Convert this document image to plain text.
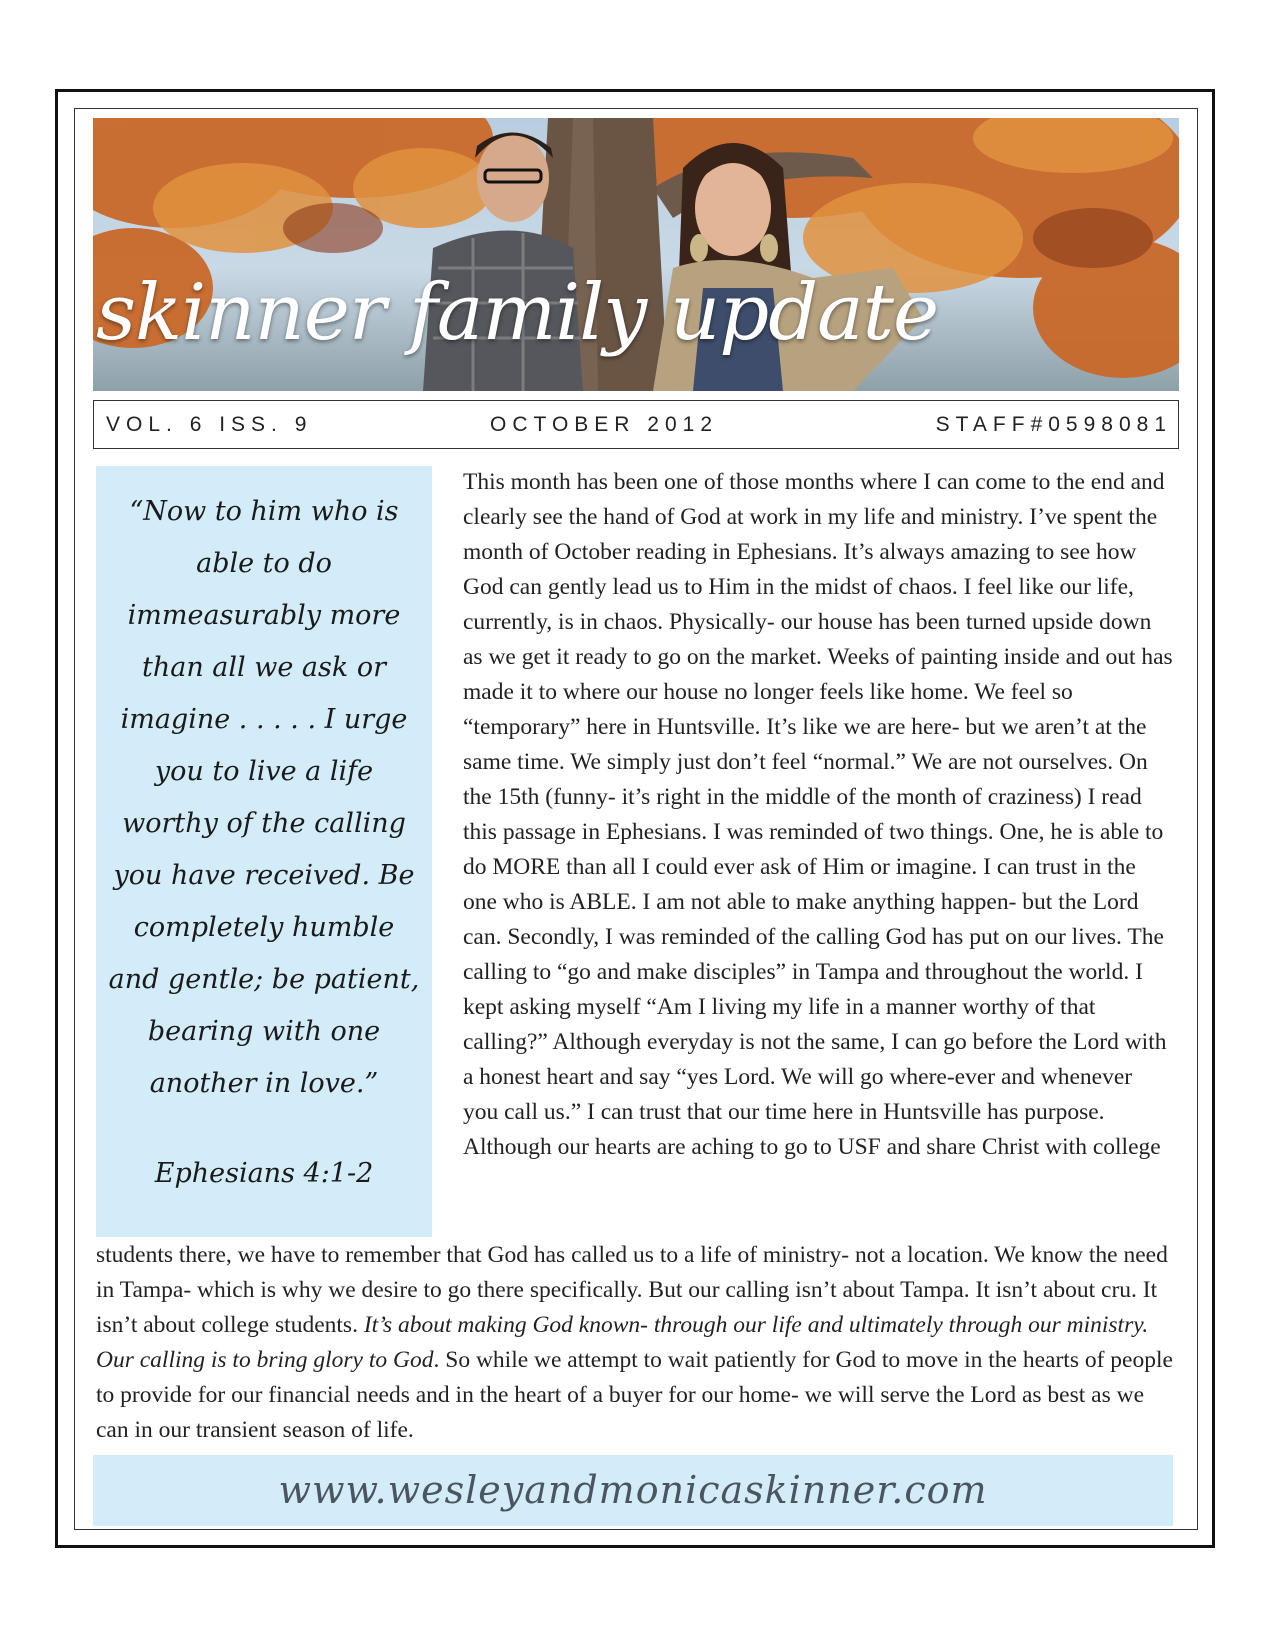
skinner family update
VOL. 6 ISS. 9	OCTOBER 2012	STAFF#0598081
“Now to him who is able to do immeasurably more than all we ask or imagine . . . . . I urge you to live a life worthy of the calling you have received. Be completely humble and gentle; be patient, bearing with one another in love.”
Ephesians 4:1-2

This month has been one of those months where I can come to the end and clearly see the hand of God at work in my life and ministry. I’ve spent the month of October reading in Ephesians. It’s always amazing to see how God can gently lead us to Him in the midst of chaos. I feel like our life, currently, is in chaos. Physically- our house has been turned upside down as we get it ready to go on the market. Weeks of painting inside and out has made it to where our house no longer feels like home. We feel so “temporary” here in Huntsville. It’s like we are here- but we aren’t at the same time. We simply just don’t feel “normal.” We are not ourselves. On the 15th (funny- it’s right in the middle of the month of craziness) I read this passage in Ephesians. I was reminded of two things. One, he is able to do MORE than all I could ever ask of Him or imagine. I can trust in the one who is ABLE. I am not able to make anything happen- but the Lord can. Secondly, I was reminded of the calling God has put on our lives. The calling to “go and make disciples” in Tampa and throughout the world. I kept asking myself “Am I living my life in a manner worthy of that calling?” Although everyday is not the same, I can go before the Lord with a honest heart and say “yes Lord. We will go where-ever and whenever you call us.” I can trust that our time here in Huntsville has purpose. Although our hearts are aching to go to USF and share Christ with college

students there, we have to remember that God has called us to a life of ministry- not a location. We know the need in Tampa- which is why we desire to go there specifically. But our calling isn’t about Tampa. It isn’t about cru. It isn’t about college students. It’s about making God known- through our life and ultimately through our ministry. Our calling is to bring glory to God. So while we attempt to wait patiently for God to move in the hearts of people to provide for our financial needs and in the heart of a buyer for our home- we will serve the Lord as best as we can in our transient season of life.

www.wesleyandmonicaskinner.com
